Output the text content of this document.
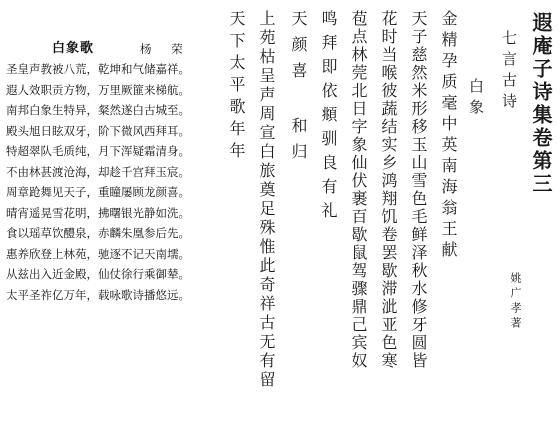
白象歌	杨 荣
圣皇声教被八荒，乾坤和气储嘉祥。
遐人效职贡方物，万里厥篚来梯航。
南邦白象生特异，粲然遂白古城至。
殿头旭日眩双牙，阶下微风西拜耳。
特超翠队毛质纯，月下浑疑霜清身。
不由林甚渡沧海，却趁千宫拜玉宸。
周章跄舞见天子，重瞳屡顾龙颜喜。
晴宵遥晃雪花明，拂曙银光静如洗。
食以瑶草饮醴泉，赤麟朱凰参后先。
惠养欣登上林苑，驰逐不记天南壖。
从兹出入近金殿，仙仗徐行乘御辇。
太平圣祚亿万年，载咏歌诗播悠远。
遐庵子诗集卷第三
七言古诗
白象
金精孕质毫中英南海翁王献
天子慈然米形移玉山雪色毛鲜泽秋水修牙圆皆
花时当喉彼蔬结实乡鸿翔饥卷罢歇滞泚亚色寒
苞点林莞北日字象仙伏裹百歇鼠驾骤鼎己宾奴
鸣拜即依頫驯良有礼
天颜喜 和归
上苑枯呈声周宣白旅奠足殊惟此奇祥古无有留
天下太平歌年年
姚广孝著
